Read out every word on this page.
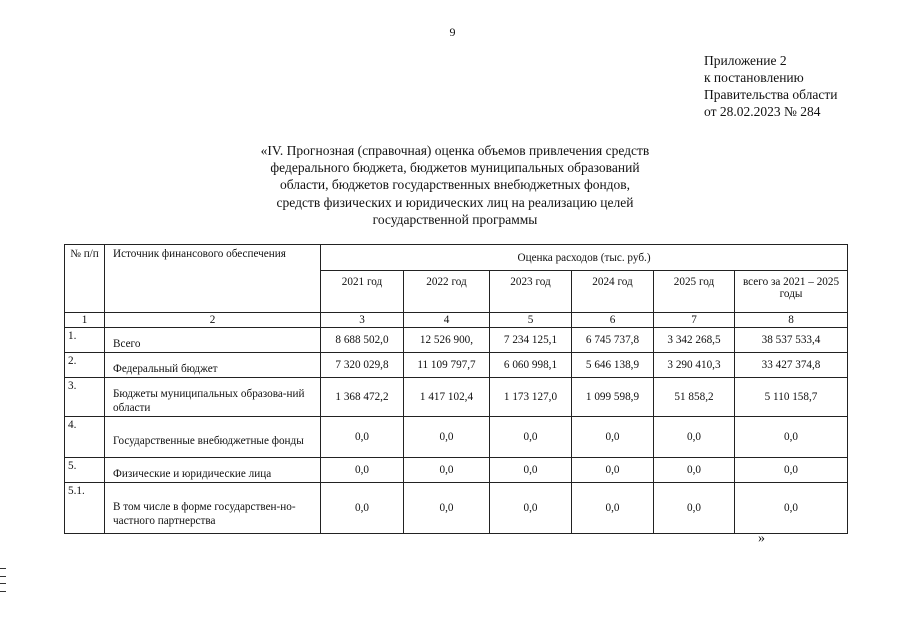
9
Приложение 2
к постановлению
Правительства области
от 28.02.2023 № 284
«IV. Прогнозная (справочная) оценка объемов привлечения средств
федерального бюджета, бюджетов муниципальных образований
области, бюджетов государственных внебюджетных фондов,
средств физических и юридических лиц на реализацию целей
государственной программы
№ п/п	Источник финансового обеспечения	Оценка расходов (тыс. руб.)					
		2021 год	2022 год	2023 год	2024 год	2025 год	всего за 2021 – 2025 годы
1	2	3	4	5	6	7	8
1.	Всего	8 688 502,0	12 526 900,	7 234 125,1	6 745 737,8	3 342 268,5	38 537 533,4
2.	Федеральный бюджет	7 320 029,8	11 109 797,7	6 060 998,1	5 646 138,9	3 290 410,3	33 427 374,8
3.	Бюджеты муниципальных образова-ний области	1 368 472,2	1 417 102,4	1 173 127,0	1 099 598,9	51 858,2	5 110 158,7
4.	Государственные внебюджетные фонды	0,0	0,0	0,0	0,0	0,0	0,0
5.	Физические и юридические лица	0,0	0,0	0,0	0,0	0,0	0,0
5.1.	В том числе в форме государствен-но-частного партнерства	0,0	0,0	0,0	0,0	0,0	0,0
»
